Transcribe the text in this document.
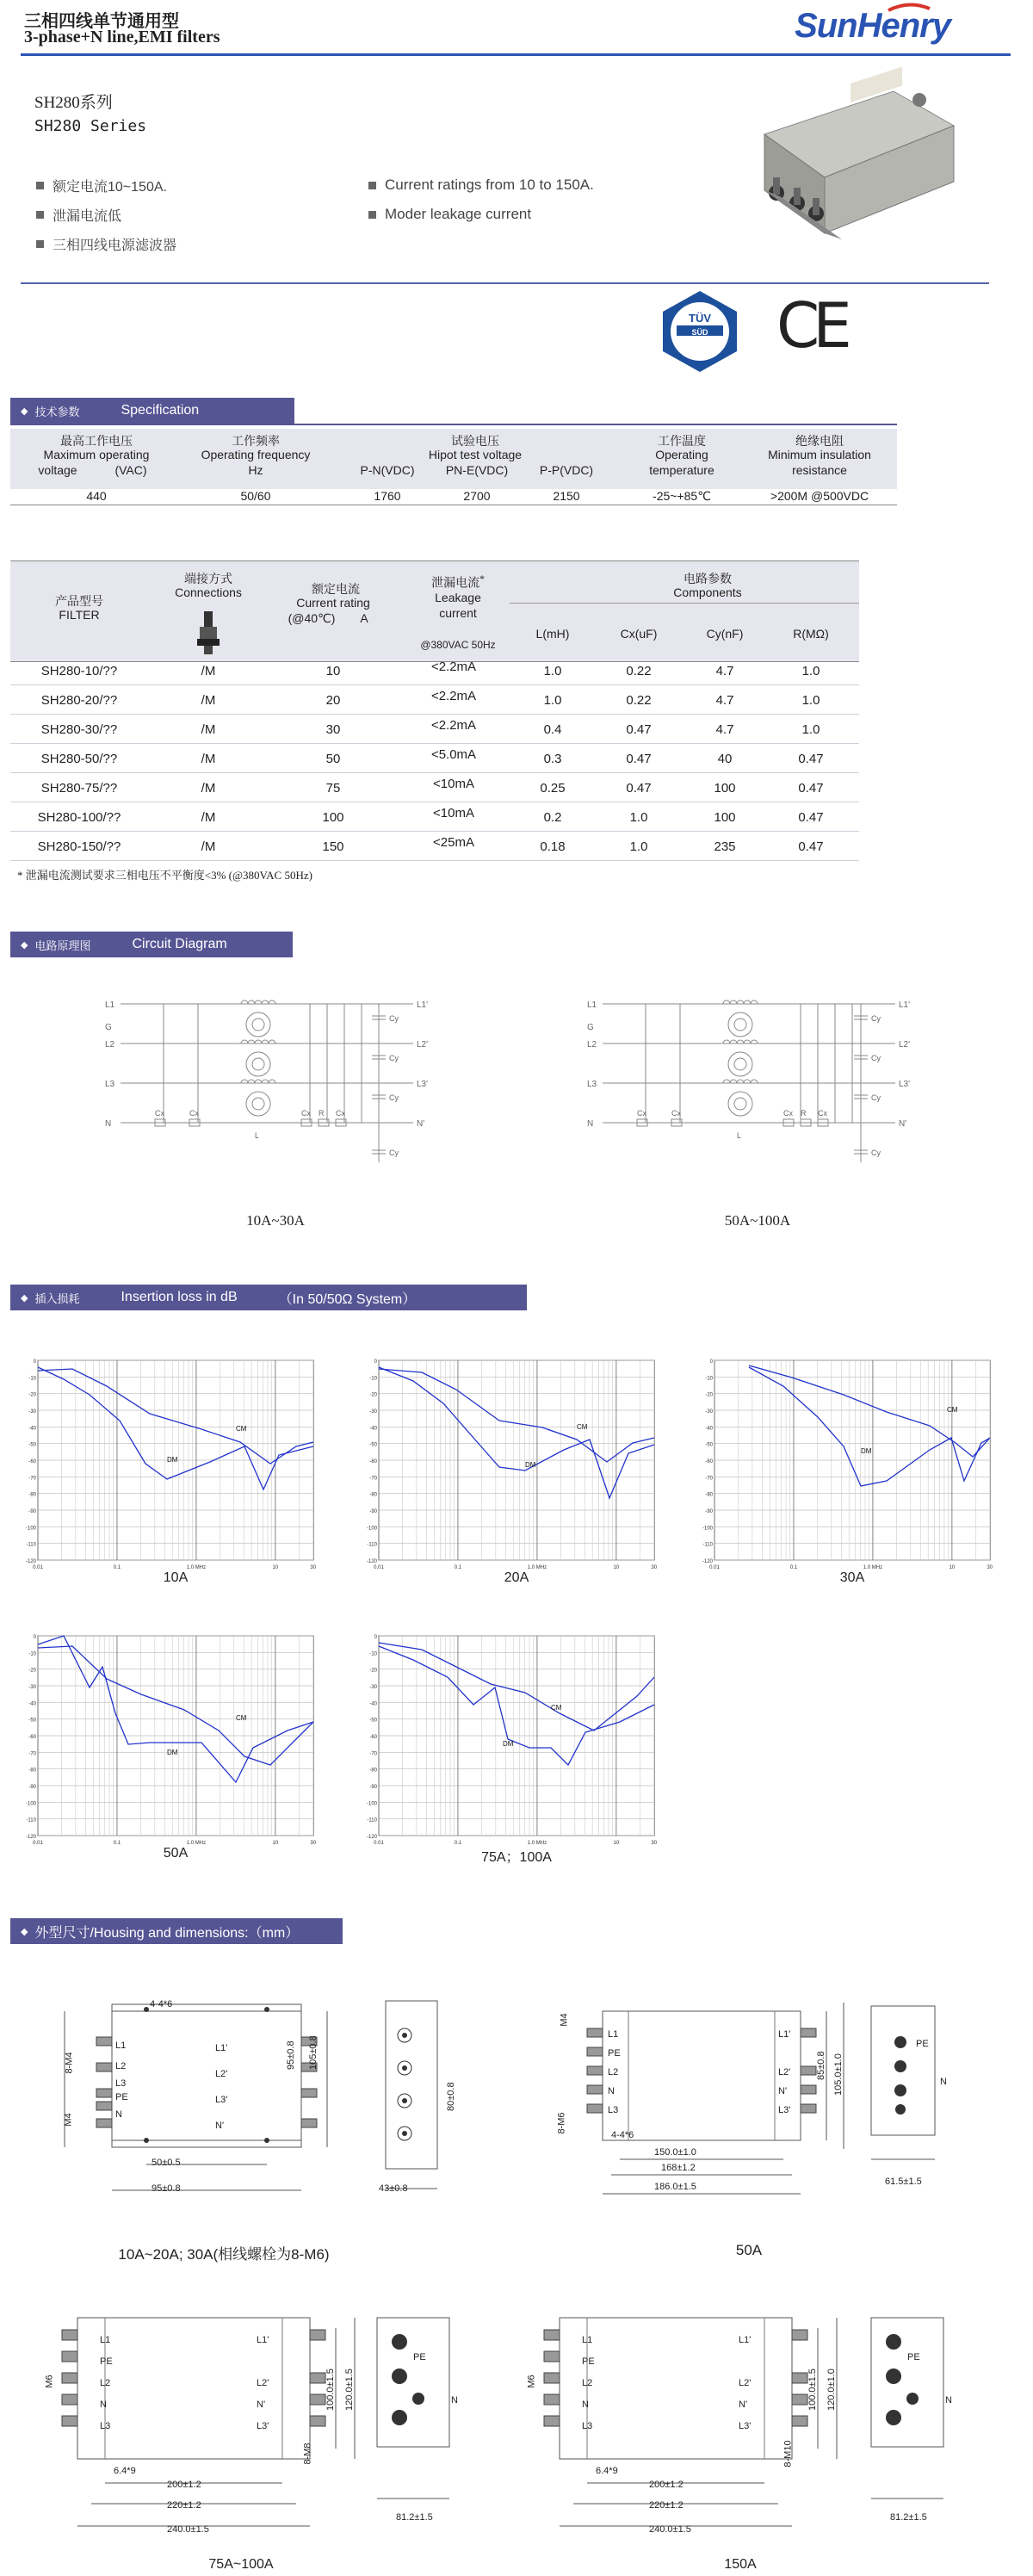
三相四线单节通用型
3-phase+N line,EMI filters	SunHenry
SH280系列
SH280 Series
额定电流10~150A.
泄漏电流低
三相四线电源滤波器
Current ratings from 10 to 150A.
Moder leakage current
TÜV
SÜD	CE
◆ 技术参数	Specification
最高工作电压
Maximum operating
voltage	(VAC)
工作频率
Operating frequency
Hz
试验电压
Hipot test voltage
P-N(VDC)	PN-E(VDC)	P-P(VDC)
工作温度
Operating
temperature
绝缘电阻
Minimum insulation
resistance
440	50/60	1760	2700	2150	-25~+85℃	>200M @500VDC
产品型号
FILTER
端接方式
Connections	额定电流
Current rating
(@40℃)	A
泄漏电流*
Leakage
current
@380VAC 50Hz
电路参数
Components
L(mH)	Cx(uF)	Cy(nF)	R(MΩ)
SH280-10/??	/M	10	<2.2mA	1.0	0.22	4.7	1.0
SH280-20/??	/M	20	<2.2mA	1.0	0.22	4.7	1.0
SH280-30/??	/M	30	<2.2mA	0.4	0.47	4.7	1.0
SH280-50/??	/M	50	<5.0mA	0.3	0.47	40	0.47
SH280-75/??	/M	75	<10mA	0.25	0.47	100	0.47
SH280-100/??	/M	100	<10mA	0.2	1.0	100	0.47
SH280-150/??	/M	150	<25mA	0.18	1.0	235	0.47
* 泄漏电流测试要求三相电压不平衡度<3% (@380VAC 50Hz)
◆ 电路原理图	Circuit Diagram
L1	L1'
L2	L2'
L3	L3'
N	N'
G
Cx	Cx	Cx R Cx
Cy
Cy
Cy
Cy
L
L1	L1'
L2	L2'
L3	L3'
N	N'
G
Cx	Cx	Cx R Cx
Cy
Cy
Cy
Cy
L
10A~30A	50A~100A
◆ 插入损耗	Insertion loss in dB	（In 50/50Ω System）
0
-10
-20
-30
-40
-50
-60
-70
-80
-90
-100
-110
-120
0.01	0.1	1.0 MHz	10	30
CM
DM
10A
0
-10
-20
-30
-40
-50
-60
-70
-80
-90
-100
-110
-120
0.01	0.1	1.0 MHz	10	30
CM
DM
20A
0
-10
-20
-30
-40
-50
-60
-70
-80
-90
-100
-110
-120
0.01	0.1	1.0 MHz	10	30
CM
DM
30A
0
-10
-20
-30
-40
-50
-60
-70
-80
-90
-100
-110
-120
0.01	0.1	1.0 MHz	10	30
CM
DM
50A
0
-10
-20
-30
-40
-50
-60
-70
-80
-90
-100
-110
-120
0.01	0.1	1.0 MHz	10	30
CM
DM
75A；100A
◆ 外型尺寸 /Housing and dimensions:（mm）
4-4*6
8-M4
M4
95±0.8 105±0.8
50±0.5
95±0.8
L1
L2
L3
PE
N
L1'
L2'
L3'
N'
43±0.8
80±0.8
10A~20A; 30A(相线螺栓为8-M6)
M4
8-M6
4-4*6
150.0±1.0
168±1.2
186.0±1.5
85±0.8 105.0±1.0
L1
PE
L2
N
L3
L1'
L2'
N'
L3'
PE
N
61.5±1.5
50A
M6
8-M8
6.4*9
200±1.2
220±1.2
240.0±1.5
100.0±1.5 120.0±1.5
L1
PE
L2
N
L3
L1'
L2'
N'
L3'
PE
N
81.2±1.5
75A~100A
M6
8-M10
6.4*9
200±1.2
220±1.2
240.0±1.5
100.0±1.5 120.0±1.0
L1
PE
L2
N
L3
L1'
L2'
N'
L3'
PE
N
81.2±1.5
150A
